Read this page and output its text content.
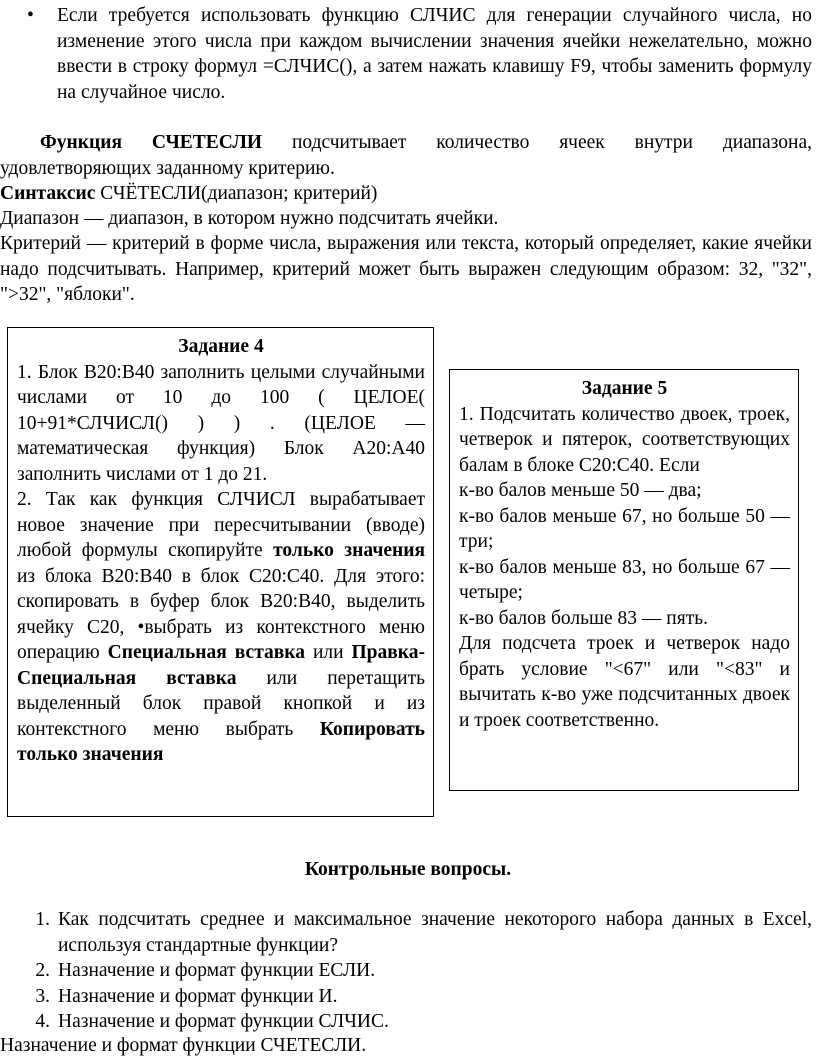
•	Если требуется использовать функцию СЛЧИС для генерации случайного числа, но изменение этого числа при каждом вычислении значения ячейки нежелательно, можно ввести в строку формул =СЛЧИС(), а затем нажать клавишу F9, чтобы заменить формулу на случайное число.
Функция СЧЕТЕСЛИ подсчитывает количество ячеек внутри диапазона, удовлетворяющих заданному критерию.
Синтаксис СЧЁТЕСЛИ(диапазон; критерий)
Диапазон — диапазон, в котором нужно подсчитать ячейки.
Критерий — критерий в форме числа, выражения или текста, который определяет, какие ячейки надо подсчитывать. Например, критерий может быть выражен следующим образом: 32, "32", ">32", "яблоки".
Задание 4
1. Блок В20:В40 заполнить целыми случайными числами от 10 до 100 ( ЦЕЛОЕ( 10+91*СЛЧИСЛ() ) ) . (ЦЕЛОЕ — математическая функция) Блок А20:А40 заполнить числами от 1 до 21.
2. Так как функция СЛЧИСЛ вырабатывает новое значение при пересчитывании (вводе) любой формулы скопируйте только значения из блока В20:В40 в блок С20:С40. Для этого: скопировать в буфер блок В20:В40, выделить ячейку С20, •выбрать из контекстного меню операцию Специальная вставка или Правка-Специальная вставка или перетащить выделенный блок правой кнопкой и из контекстного меню выбрать Копировать только значения
Задание 5
1. Подсчитать количество двоек, троек, четверок и пятерок, соответствующих балам в блоке С20:С40. Если
к-во балов меньше 50 — два;
к-во балов меньше 67, но больше 50 — три;
к-во балов меньше 83, но больше 67 — четыре;
к-во балов больше 83 — пять.
Для подсчета троек и четверок надо брать условие "<67" или "<83" и вычитать к-во уже подсчитанных двоек и троек соответственно.
Контрольные вопросы.
1. Как подсчитать среднее и максимальное значение некоторого набора данных в Excel, используя стандартные функции?
2. Назначение и формат функции ЕСЛИ.
3. Назначение и формат функции И.
4. Назначение и формат функции СЛЧИС.
Назначение и формат функции СЧЕТЕСЛИ.
